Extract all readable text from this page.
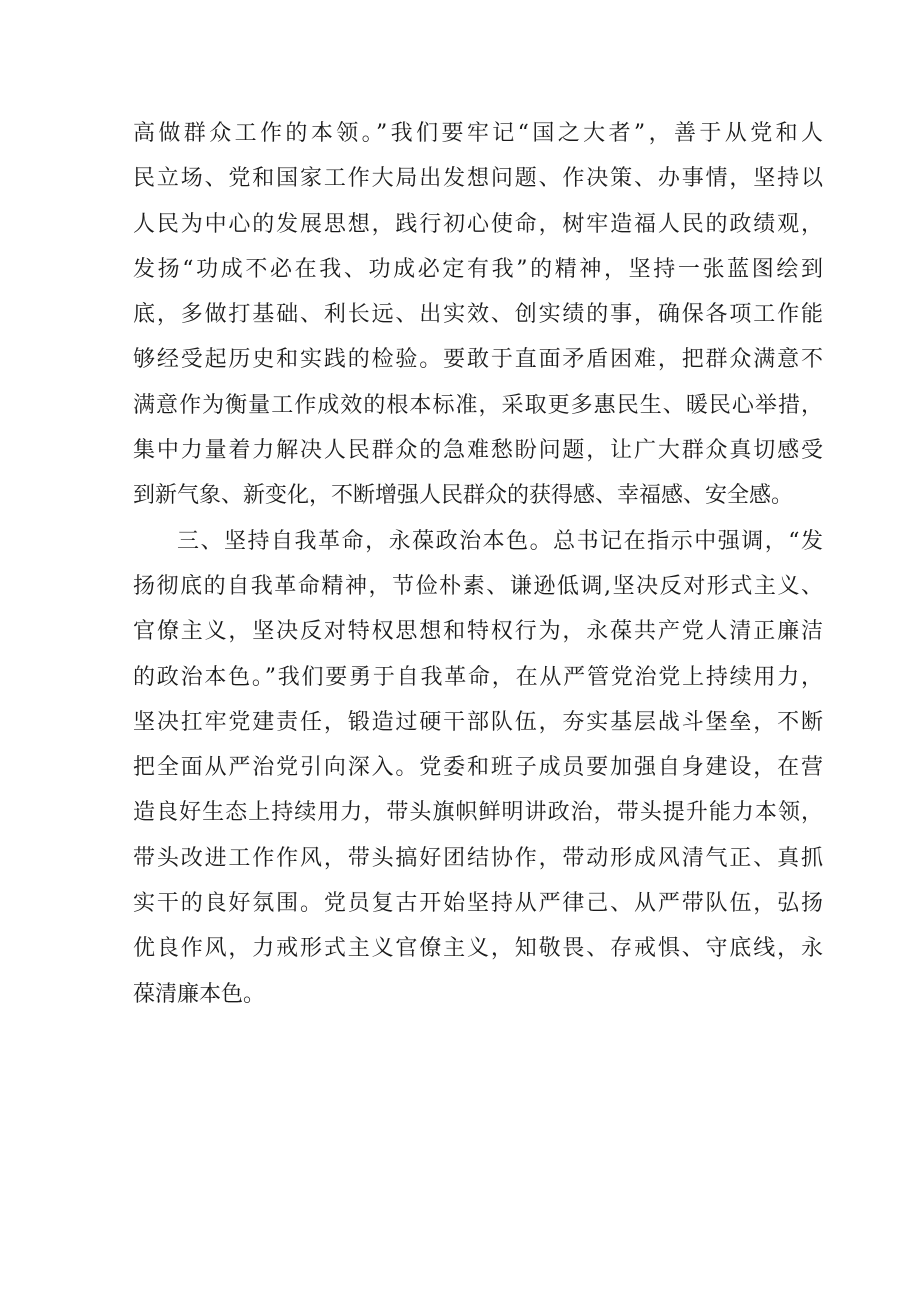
高做群众工作的本领。”我们要牢记“国之大者”，善于从党和人
民立场、党和国家工作大局出发想问题、作决策、办事情，坚持以
人民为中心的发展思想，践行初心使命，树牢造福人民的政绩观，
发扬“功成不必在我、功成必定有我”的精神，坚持一张蓝图绘到
底，多做打基础、利长远、出实效、创实绩的事，确保各项工作能
够经受起历史和实践的检验。要敢于直面矛盾困难，把群众满意不
满意作为衡量工作成效的根本标准，采取更多惠民生、暖民心举措，
集中力量着力解决人民群众的急难愁盼问题，让广大群众真切感受
到新气象、新变化，不断增强人民群众的获得感、幸福感、安全感。
三、坚持自我革命，永葆政治本色。总书记在指示中强调，“发
扬彻底的自我革命精神，节俭朴素、谦逊低调,坚决反对形式主义、
官僚主义，坚决反对特权思想和特权行为，永葆共产党人清正廉洁
的政治本色。”我们要勇于自我革命，在从严管党治党上持续用力，
坚决扛牢党建责任，锻造过硬干部队伍，夯实基层战斗堡垒，不断
把全面从严治党引向深入。党委和班子成员要加强自身建设，在营
造良好生态上持续用力，带头旗帜鲜明讲政治，带头提升能力本领，
带头改进工作作风，带头搞好团结协作，带动形成风清气正、真抓
实干的良好氛围。党员复古开始坚持从严律己、从严带队伍，弘扬
优良作风，力戒形式主义官僚主义，知敬畏、存戒惧、守底线，永
葆清廉本色。
